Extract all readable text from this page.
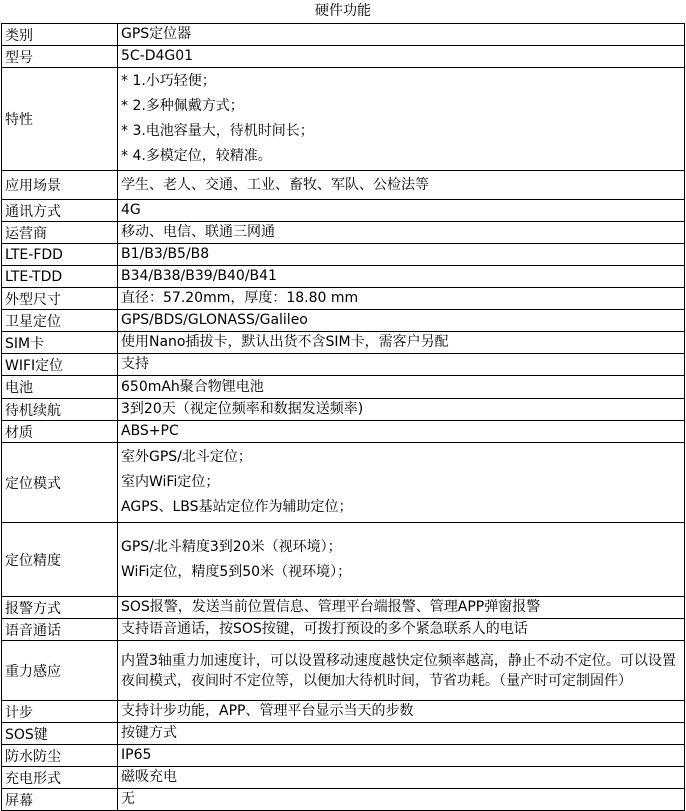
硬件功能
类别	GPS定位器

型号	5C-D4G01

特性	* 1.小巧轻便；
* 2.多种佩戴方式；
* 3.电池容量大，待机时间长；
* 4.多模定位，较精准。

应用场景	学生、老人、交通、工业、畜牧、军队、公检法等

通讯方式	4G

运营商	移动、电信、联通三网通

LTE-FDD	B1/B3/B5/B8

LTE-TDD	B34/B38/B39/B40/B41

外型尺寸	直径：57.20mm，厚度：18.80 mm

卫星定位	GPS/BDS/GLONASS/Galileo

SIM卡	使用Nano插拔卡，默认出货不含SIM卡，需客户另配

WIFI定位	支持

电池	650mAh聚合物锂电池

待机续航	3到20天（视定位频率和数据发送频率)

材质	ABS+PC

定位模式	室外GPS/北斗定位；
室内WiFi定位；
AGPS、LBS基站定位作为辅助定位；

定位精度	GPS/北斗精度3到20米（视环境）；
WiFi定位，精度5到50米（视环境）；

报警方式	SOS报警，发送当前位置信息、管理平台端报警、管理APP弹窗报警

语音通话	支持语音通话，按SOS按键，可拨打预设的多个紧急联系人的电话

重力感应	内置3轴重力加速度计，可以设置移动速度越快定位频率越高，静止不动不定位。可以设置夜间模式，夜间时不定位等，以便加大待机时间，节省功耗。（量产时可定制固件）

计步	支持计步功能，APP、管理平台显示当天的步数

SOS键	按键方式

防水防尘	IP65

充电形式	磁吸充电

屏幕	无
